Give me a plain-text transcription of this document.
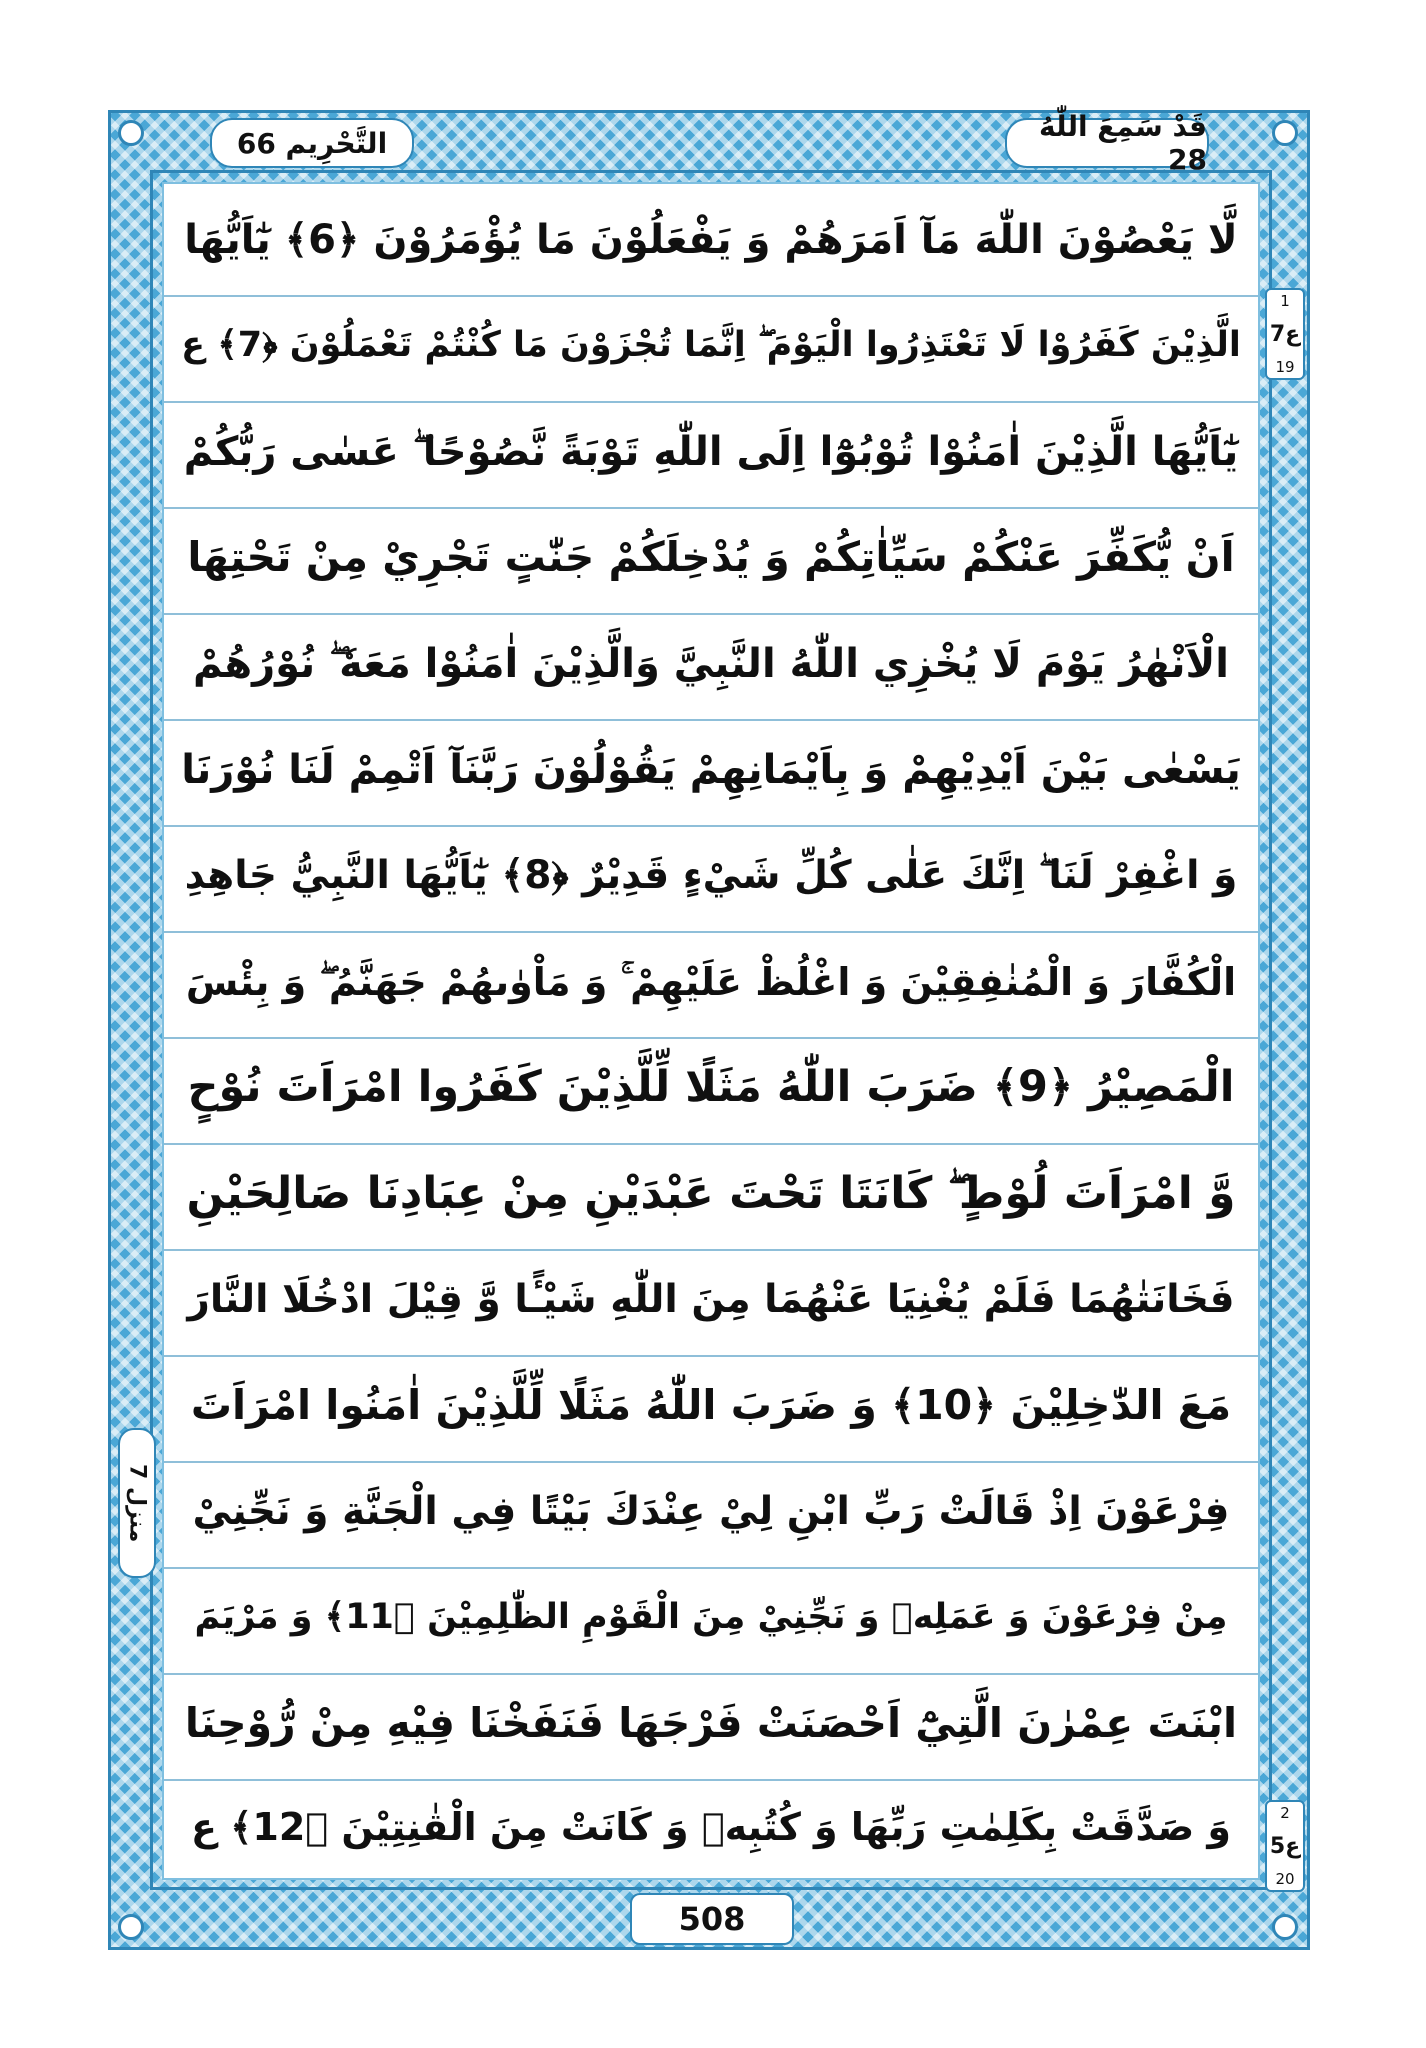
قَدْ سَمِعَ اللّٰهُ 28
التَّحْرِيم 66
لَّا يَعْصُوْنَ اللّٰهَ مَآ اَمَرَهُمْ وَ يَفْعَلُوْنَ مَا يُؤْمَرُوْنَ ﴿6﴾ يٰٓاَيُّهَا
الَّذِيْنَ كَفَرُوْا لَا تَعْتَذِرُوا الْيَوْمَ ۖ اِنَّمَا تُجْزَوْنَ مَا كُنْتُمْ تَعْمَلُوْنَ ﴿7﴾ ع
يٰٓاَيُّهَا الَّذِيْنَ اٰمَنُوْا تُوْبُوْٓا اِلَى اللّٰهِ تَوْبَةً نَّصُوْحًا ۖ عَسٰى رَبُّكُمْ
اَنْ يُّكَفِّرَ عَنْكُمْ سَيِّاٰتِكُمْ وَ يُدْخِلَكُمْ جَنّٰتٍ تَجْرِيْ مِنْ تَحْتِهَا
الْاَنْهٰرُ يَوْمَ لَا يُخْزِي اللّٰهُ النَّبِيَّ وَالَّذِيْنَ اٰمَنُوْا مَعَهٗ ۖ نُوْرُهُمْ
يَسْعٰى بَيْنَ اَيْدِيْهِمْ وَ بِاَيْمَانِهِمْ يَقُوْلُوْنَ رَبَّنَآ اَتْمِمْ لَنَا نُوْرَنَا
وَ اغْفِرْ لَنَا ۖ اِنَّكَ عَلٰى كُلِّ شَيْءٍ قَدِيْرٌ ﴿8﴾ يٰٓاَيُّهَا النَّبِيُّ جَاهِدِ
الْكُفَّارَ وَ الْمُنٰفِقِيْنَ وَ اغْلُظْ عَلَيْهِمْ ۚ وَ مَاْوٰىهُمْ جَهَنَّمُ ۖ وَ بِئْسَ
الْمَصِيْرُ ﴿9﴾ ضَرَبَ اللّٰهُ مَثَلًا لِّلَّذِيْنَ كَفَرُوا امْرَاَتَ نُوْحٍ
وَّ امْرَاَتَ لُوْطٍ ۖ كَانَتَا تَحْتَ عَبْدَيْنِ مِنْ عِبَادِنَا صَالِحَيْنِ
فَخَانَتٰهُمَا فَلَمْ يُغْنِيَا عَنْهُمَا مِنَ اللّٰهِ شَيْـًٔا وَّ قِيْلَ ادْخُلَا النَّارَ
مَعَ الدّٰخِلِيْنَ ﴿10﴾ وَ ضَرَبَ اللّٰهُ مَثَلًا لِّلَّذِيْنَ اٰمَنُوا امْرَاَتَ
فِرْعَوْنَ اِذْ قَالَتْ رَبِّ ابْنِ لِيْ عِنْدَكَ بَيْتًا فِي الْجَنَّةِ وَ نَجِّنِيْ
مِنْ فِرْعَوْنَ وَ عَمَلِهٖ وَ نَجِّنِيْ مِنَ الْقَوْمِ الظّٰلِمِيْنَ ﴿11﴾ وَ مَرْيَمَ
ابْنَتَ عِمْرٰنَ الَّتِيْٓ اَحْصَنَتْ فَرْجَهَا فَنَفَخْنَا فِيْهِ مِنْ رُّوْحِنَا
وَ صَدَّقَتْ بِكَلِمٰتِ رَبِّهَا وَ كُتُبِهٖ وَ كَانَتْ مِنَ الْقٰنِتِيْنَ ﴿12﴾ ع
1
ع7
19
2
ع5
20
منزل 7
508
